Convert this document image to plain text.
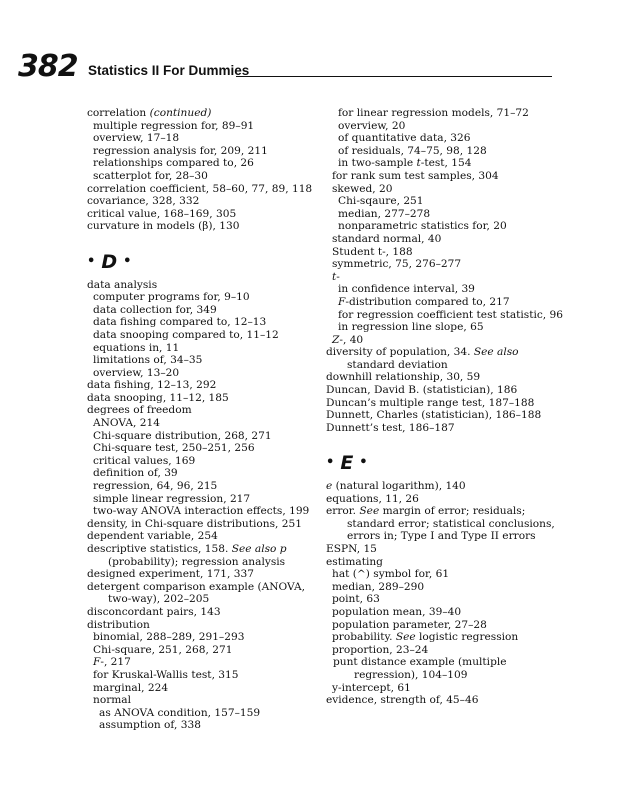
382 Statistics II For Dummies
correlation (continued)
multiple regression for, 89–91
overview, 17–18
regression analysis for, 209, 211
relationships compared to, 26
scatterplot for, 28–30
correlation coefficient, 58–60, 77, 89, 118
covariance, 328, 332
critical value, 168–169, 305
curvature in models (β), 130
• D •
data analysis
computer programs for, 9–10
data collection for, 349
data fishing compared to, 12–13
data snooping compared to, 11–12
equations in, 11
limitations of, 34–35
overview, 13–20
data fishing, 12–13, 292
data snooping, 11–12, 185
degrees of freedom
ANOVA, 214
Chi-square distribution, 268, 271
Chi-square test, 250–251, 256
critical values, 169
definition of, 39
regression, 64, 96, 215
simple linear regression, 217
two-way ANOVA interaction effects, 199
density, in Chi-square distributions, 251
dependent variable, 254
descriptive statistics, 158. See also p (probability); regression analysis
designed experiment, 171, 337
detergent comparison example (ANOVA, two-way), 202–205
disconcordant pairs, 143
distribution
binomial, 288–289, 291–293
Chi-square, 251, 268, 271
F-, 217
for Kruskal-Wallis test, 315
marginal, 224
normal
as ANOVA condition, 157–159
assumption of, 338
for linear regression models, 71–72
overview, 20
of quantitative data, 326
of residuals, 74–75, 98, 128
in two-sample t-test, 154
for rank sum test samples, 304
skewed, 20
Chi-sqaure, 251
median, 277–278
nonparametric statistics for, 20
standard normal, 40
Student t-, 188
symmetric, 75, 276–277
t-
in confidence interval, 39
F-distribution compared to, 217
for regression coefficient test statistic, 96
in regression line slope, 65
Z-, 40
diversity of population, 34. See also standard deviation
downhill relationship, 30, 59
Duncan, David B. (statistician), 186
Duncan’s multiple range test, 187–188
Dunnett, Charles (statistician), 186–188
Dunnett’s test, 186–187
• E •
e (natural logarithm), 140
equations, 11, 26
error. See margin of error; residuals; standard error; statistical conclusions, errors in; Type I and Type II errors
ESPN, 15
estimating
hat (^) symbol for, 61
median, 289–290
point, 63
population mean, 39–40
population parameter, 27–28
probability. See logistic regression
proportion, 23–24
punt distance example (multiple regression), 104–109
y-intercept, 61
evidence, strength of, 45–46
